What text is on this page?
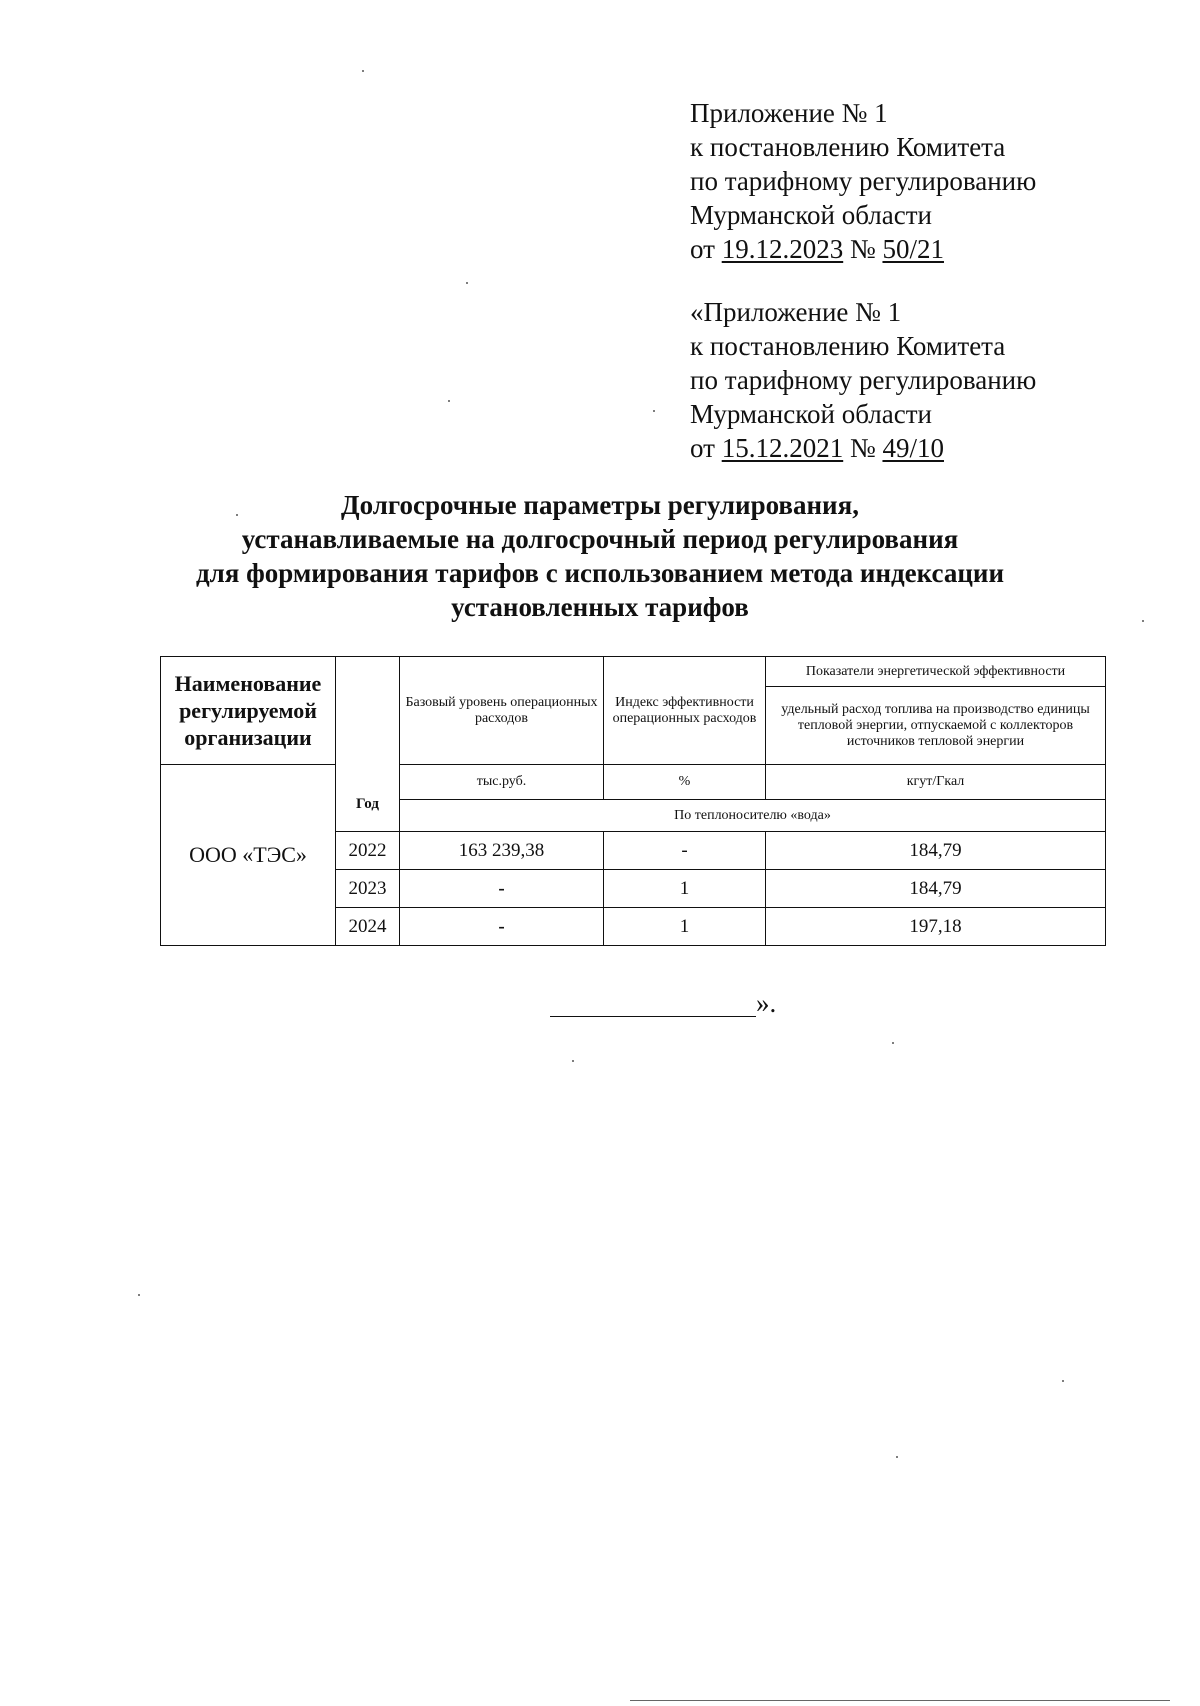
Приложение № 1
к постановлению Комитета
по тарифному регулированию
Мурманской области
от 19.12.2023 № 50/21
«Приложение № 1
к постановлению Комитета
по тарифному регулированию
Мурманской области
от 15.12.2021 № 49/10
Долгосрочные параметры регулирования,
устанавливаемые на долгосрочный период регулирования
для формирования тарифов с использованием метода индексации
установленных тарифов
Наименование регулируемой организации	Год	Базовый уровень операционных расходов	Индекс эффективности операционных расходов	Показатели энергетической эффективности
				удельный расход топлива на производство единицы тепловой энергии, отпускаемой с коллекторов источников тепловой энергии
ООО «ТЭС»		тыс.руб.	%	кгут/Гкал
		По теплоносителю «вода»		
	2022	163 239,38	-	184,79
	2023	-	1	184,79
	2024	-	1	197,18
».
